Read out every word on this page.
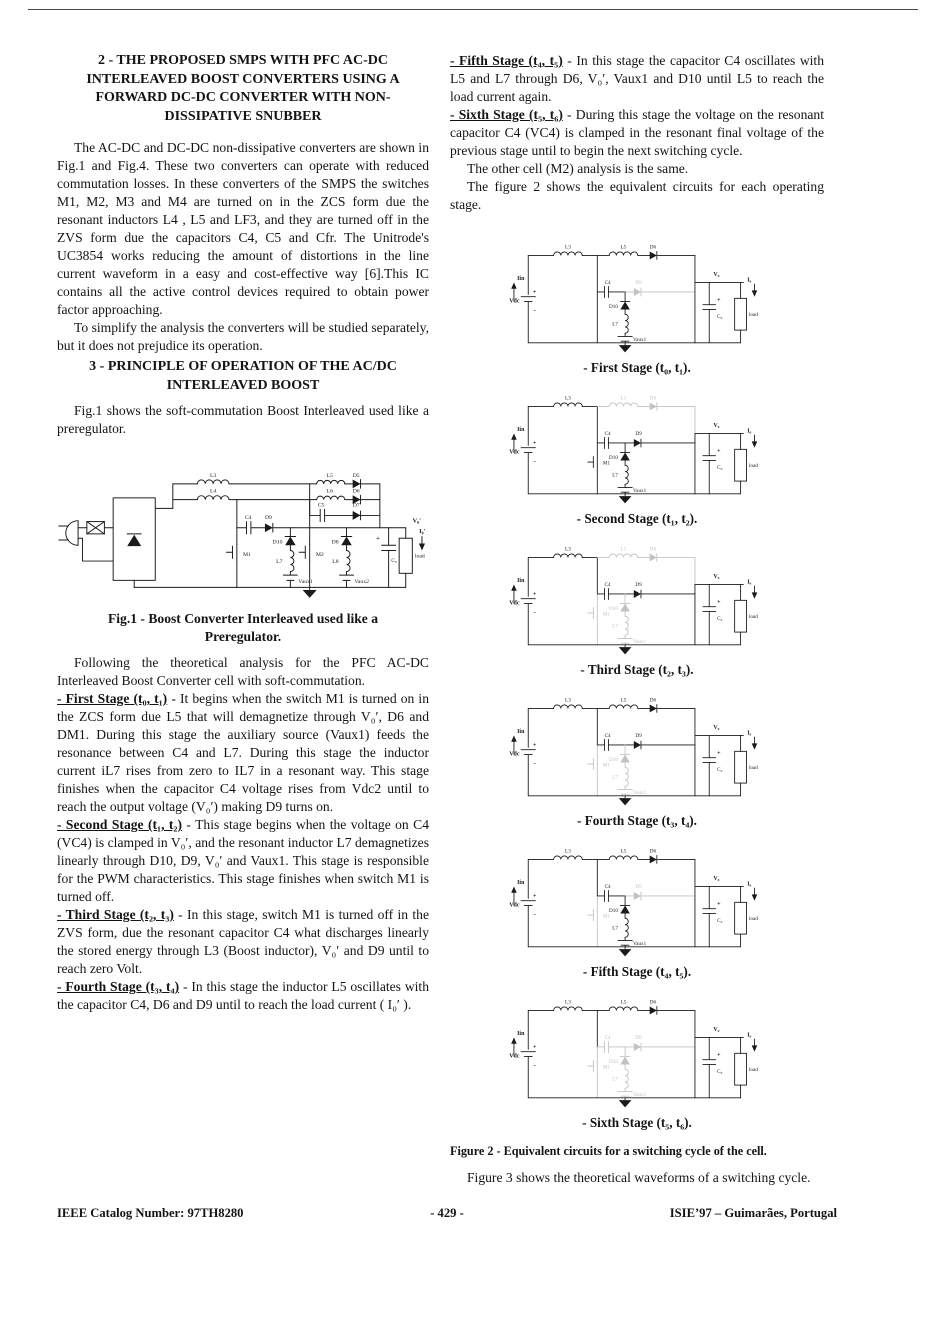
2 - THE PROPOSED SMPS WITH PFC AC-DC INTERLEAVED BOOST CONVERTERS USING A FORWARD DC-DC CONVERTER WITH NON-DISSIPATIVE SNUBBER

The AC-DC and DC-DC non-dissipative converters are shown in Fig.1 and Fig.4. These two converters can operate with reduced commutation losses. In these converters of the SMPS the switches M1, M2, M3 and M4 are turned on in the ZCS form due the resonant inductors L4 , L5 and LF3, and they are turned off in the ZVS form due the capacitors C4, C5 and Cfr. The Unitrode's UC3854 works reducing the amount of distortions in the line current waveform in a easy and cost-effective way [6].This IC contains all the active control devices required to obtain power factor approaching.

To simplify the analysis the converters will be studied separately, but it does not prejudice its operation.

3 - PRINCIPLE OF OPERATION OF THE AC/DC INTERLEAVED BOOST

Fig.1 shows the soft-commutation Boost Interleaved used like a preregulator.

L3
L4
L5	D5
L6	D6
C5	D7
M1
C4 D9
D10
L7
Vaux1
M2
D8
L8
Vaux2
load
+
C₀
V₀′
I₀′
Fig.1 - Boost Converter Interleaved used like a Preregulator.

Following the theoretical analysis for the PFC AC-DC Interleaved Boost Converter cell with soft-commutation.

- First Stage (t₀, t₁) - It begins when the switch M1 is turned on in the ZCS form due L5 that will demagnetize through V₀′, D6 and DM1. During this stage the auxiliary source (Vaux1) feeds the resonance between C4 and L7. During this stage the inductor current iL7 rises from zero to IL7 in a resonant way. This stage finishes when the capacitor C4 voltage rises from Vdc2 until to reach the output voltage (V₀′) making D9 turns on.

- Second Stage (t₁, t₂) - This stage begins when the voltage on C4 (VC4) is clamped in V₀′, and the resonant inductor L7 demagnetizes linearly through D10, D9, V₀′ and Vaux1. This stage is responsible for the PWM characteristics. This stage finishes when switch M1 is turned off.

- Third Stage (t₂, t₃) - In this stage, switch M1 is turned off in the ZVS form, due the resonant capacitor C4 what discharges linearly the stored energy through L3 (Boost inductor), V₀′ and D9 until to reach zero Volt.

- Fourth Stage (t₃, t₄) - In this stage the inductor L5 oscillates with the capacitor C4, D6 and D9 until to reach the load current ( I₀′ ).

- Fifth Stage (t₄, t₅) - In this stage the capacitor C4 oscillates with L5 and L7 through D6, V₀′, Vaux1 and D10 until L5 to reach the load current again.

- Sixth Stage (t₅, t₆) - During this stage the voltage on the resonant capacitor C4 (VC4) is clamped in the resonant final voltage of the previous stage until to begin the next switching cycle.

The other cell (M2) analysis is the same.

The figure 2 shows the equivalent circuits for each operating stage.

Vdc
+
−
Iin
L3	L5	D6
C4	D9
D10
L7
Vaux1
V₀
I₀
+
C₀	load
- First Stage (t₀, t₁).
Vdc
+
−
Iin
L3	L5	D6
M1
C4	D9
D10
L7
Vaux1
V₀
I₀
+
C₀	load
- Second Stage (t₁, t₂).
Vdc
+
−
Iin
L3	L5	D6
M1
C4	D9
D10
L7
Vaux1
V₀
I₀
+
C₀	load
- Third Stage (t₂, t₃).
Vdc
+
−
Iin
L3	L5	D6
M1
C4	D9
D10
L7
Vaux1
V₀
I₀
+
C₀	load
- Fourth Stage (t₃, t₄).
Vdc
+
−
Iin
L3	L5	D6
M1
C4	D9
D10
L7
Vaux1
V₀
I₀
+
C₀	load
- Fifth Stage (t₄, t₅).
Vdc
+
−
Iin
L3	L5	D6
M1
C4	D9
D10
L7
Vaux1
V₀
I₀
+
C₀	load
- Sixth Stage (t₅, t₆).
Figure 2 - Equivalent circuits for a switching cycle of the cell.

Figure 3 shows the theoretical waveforms of a switching cycle.

- 429 -
IEEE Catalog Number: 97TH8280	ISIE’97 – Guimarães, Portugal
